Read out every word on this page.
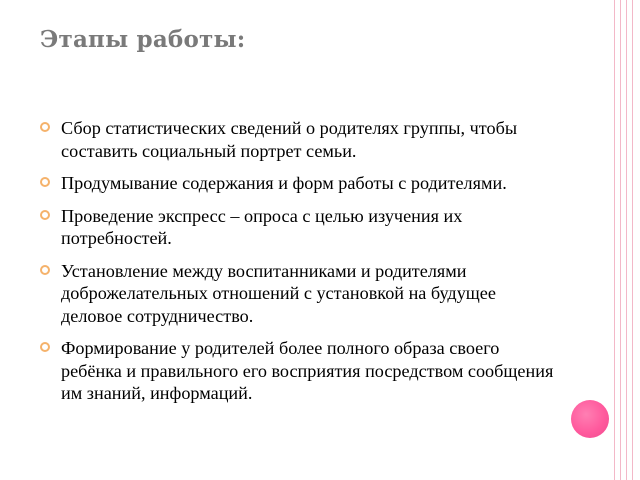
Этапы работы:
Сбор статистических сведений о родителях группы, чтобы составить социальный портрет семьи.
Продумывание содержания и форм работы с родителями.
Проведение экспресс – опроса с целью изучения их потребностей.
Установление между воспитанниками и родителями доброжелательных отношений с установкой на будущее деловое сотрудничество.
Формирование у родителей более полного образа своего ребёнка и правильного его восприятия посредством сообщения им знаний, информаций.
